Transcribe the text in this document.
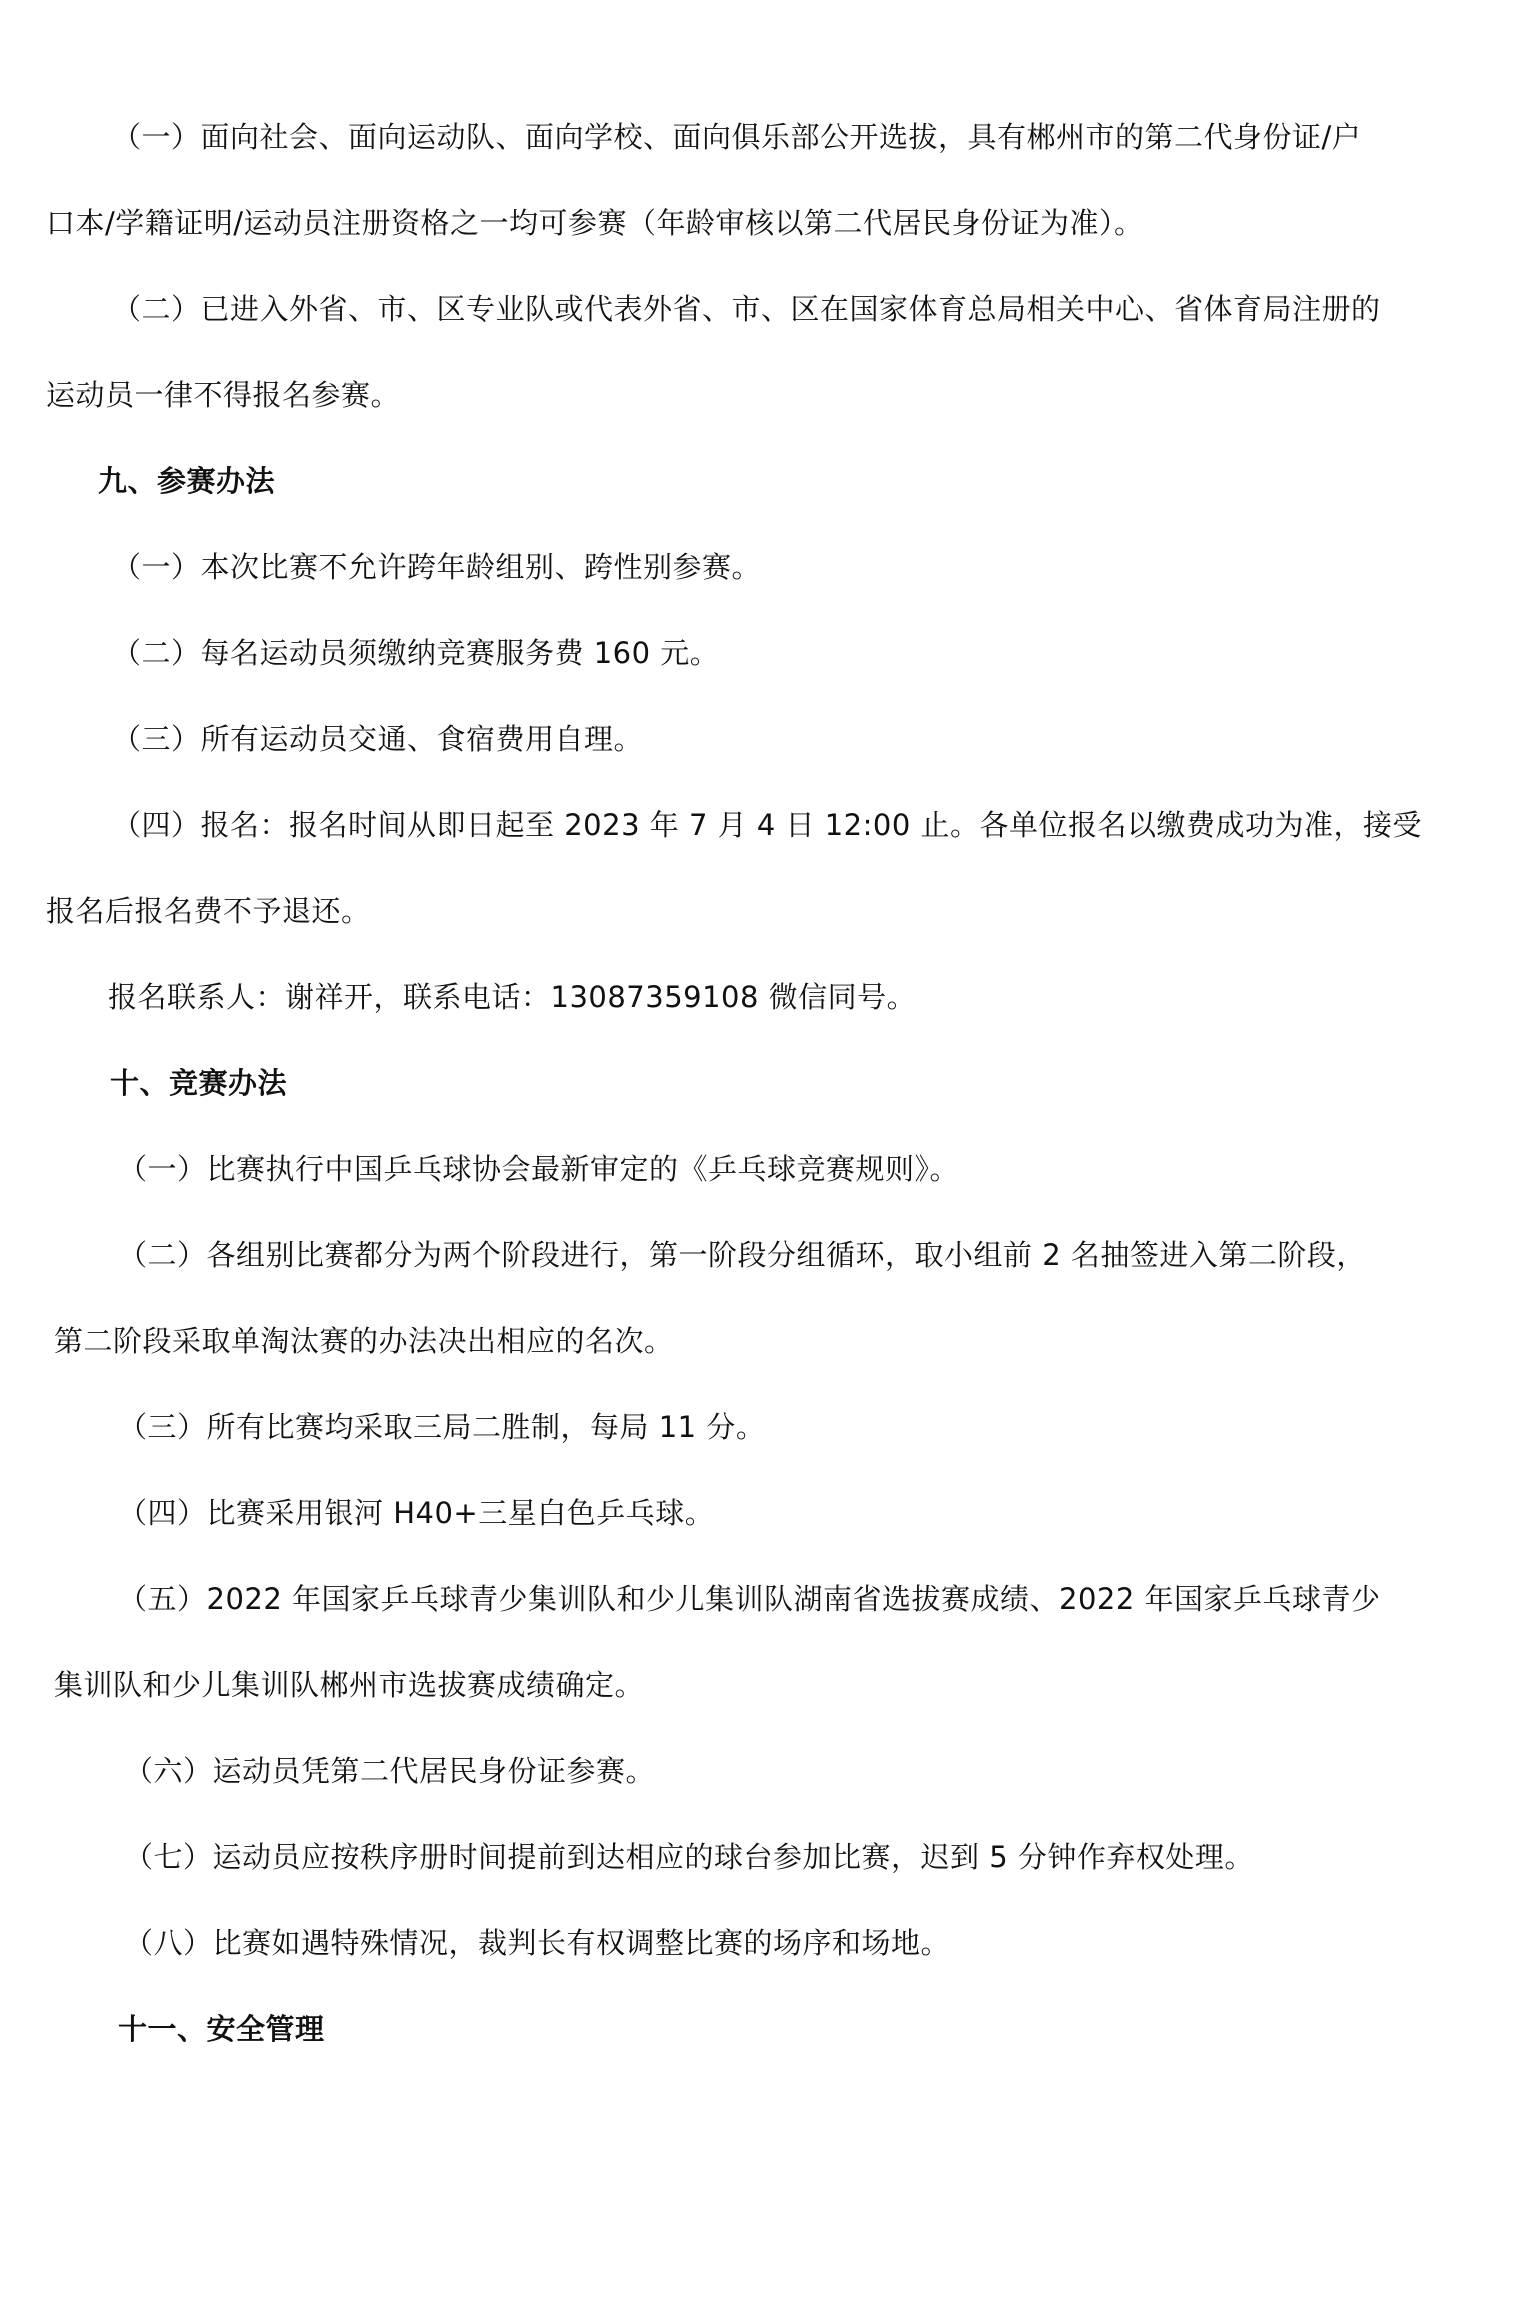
（一）面向社会、面向运动队、面向学校、面向俱乐部公开选拔，具有郴州市的第二代身份证/户
口本/学籍证明/运动员注册资格之一均可参赛（年龄审核以第二代居民身份证为准）。
（二）已进入外省、市、区专业队或代表外省、市、区在国家体育总局相关中心、省体育局注册的
运动员一律不得报名参赛。
九、参赛办法
（一）本次比赛不允许跨年龄组别、跨性别参赛。
（二）每名运动员须缴纳竞赛服务费 160 元。
（三）所有运动员交通、食宿费用自理。
（四）报名：报名时间从即日起至 2023 年 7 月 4 日 12:00 止。各单位报名以缴费成功为准，接受
报名后报名费不予退还。
报名联系人：谢祥开，联系电话：13087359108 微信同号。
十、竞赛办法
（一）比赛执行中国乒乓球协会最新审定的《乒乓球竞赛规则》。
（二）各组别比赛都分为两个阶段进行，第一阶段分组循环，取小组前 2 名抽签进入第二阶段，
第二阶段采取单淘汰赛的办法决出相应的名次。
（三）所有比赛均采取三局二胜制，每局 11 分。
（四）比赛采用银河 H40+三星白色乒乓球。
（五）2022 年国家乒乓球青少集训队和少儿集训队湖南省选拔赛成绩、2022 年国家乒乓球青少
集训队和少儿集训队郴州市选拔赛成绩确定。
（六）运动员凭第二代居民身份证参赛。
（七）运动员应按秩序册时间提前到达相应的球台参加比赛，迟到 5 分钟作弃权处理。
（八）比赛如遇特殊情况，裁判长有权调整比赛的场序和场地。
十一、安全管理
